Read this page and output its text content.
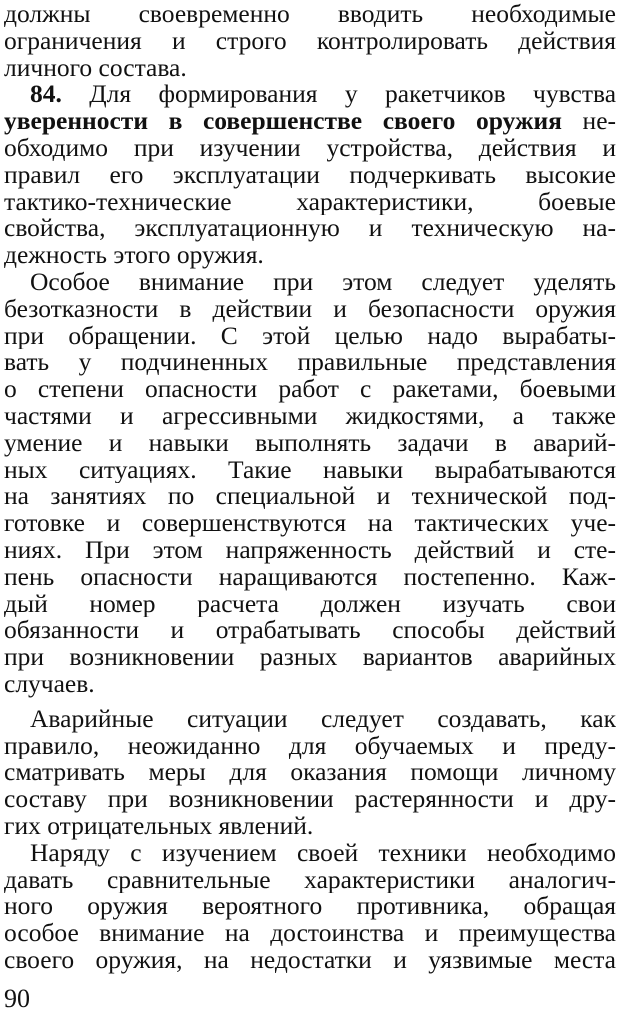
должны своевременно вводить необходимые
ограничения и строго контролировать действия
личного состава.
84. Для формирования у ракетчиков чувства
уверенности в совершенстве своего оружия не-
обходимо при изучении устройства, действия и
правил его эксплуатации подчеркивать высокие
тактико-технические характеристики, боевые
свойства, эксплуатационную и техническую на-
дежность этого оружия.
Особое внимание при этом следует уделять
безотказности в действии и безопасности оружия
при обращении. С этой целью надо вырабаты-
вать у подчиненных правильные представления
о степени опасности работ с ракетами, боевыми
частями и агрессивными жидкостями, а также
умение и навыки выполнять задачи в аварий-
ных ситуациях. Такие навыки вырабатываются
на занятиях по специальной и технической под-
готовке и совершенствуются на тактических уче-
ниях. При этом напряженность действий и сте-
пень опасности наращиваются постепенно. Каж-
дый номер расчета должен изучать свои
обязанности и отрабатывать способы действий
при возникновении разных вариантов аварийных
случаев.
Аварийные ситуации следует создавать, как
правило, неожиданно для обучаемых и преду-
сматривать меры для оказания помощи личному
составу при возникновении растерянности и дру-
гих отрицательных явлений.
Наряду с изучением своей техники необходимо
давать сравнительные характеристики аналогич-
ного оружия вероятного противника, обращая
особое внимание на достоинства и преимущества
своего оружия, на недостатки и уязвимые места
90
